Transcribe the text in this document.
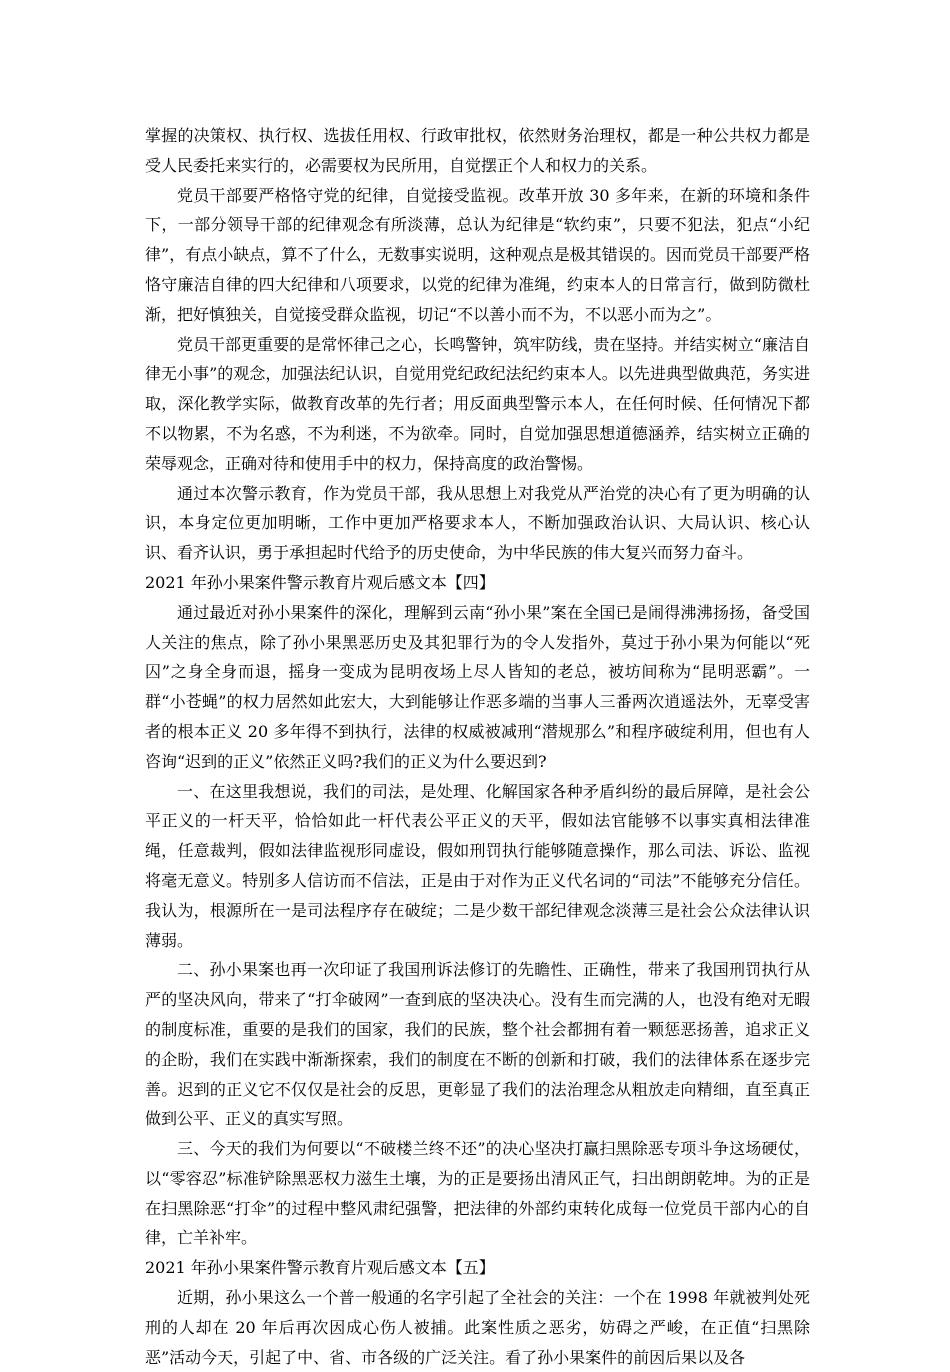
掌握的决策权、执行权、选拔任用权、行政审批权，依然财务治理权，都是一种公共权力都是受人民委托来实行的，必需要权为民所用，自觉摆正个人和权力的关系。

党员干部要严格恪守党的纪律，自觉接受监视。改革开放 30 多年来，在新的环境和条件下，一部分领导干部的纪律观念有所淡薄，总认为纪律是“软约束”，只要不犯法，犯点“小纪律”，有点小缺点，算不了什么，无数事实说明，这种观点是极其错误的。因而党员干部要严格恪守廉洁自律的四大纪律和八项要求，以党的纪律为准绳，约束本人的日常言行，做到防微杜渐，把好慎独关，自觉接受群众监视，切记“不以善小而不为，不以恶小而为之”。

党员干部更重要的是常怀律己之心，长鸣警钟，筑牢防线，贵在坚持。并结实树立“廉洁自律无小事”的观念，加强法纪认识，自觉用党纪政纪法纪约束本人。以先进典型做典范，务实进取，深化教学实际，做教育改革的先行者；用反面典型警示本人，在任何时候、任何情况下都不以物累，不为名惑，不为利迷，不为欲牵。同时，自觉加强思想道德涵养，结实树立正确的荣辱观念，正确对待和使用手中的权力，保持高度的政治警惕。

通过本次警示教育，作为党员干部，我从思想上对我党从严治党的决心有了更为明确的认识，本身定位更加明晰，工作中更加严格要求本人，不断加强政治认识、大局认识、核心认识、看齐认识，勇于承担起时代给予的历史使命，为中华民族的伟大复兴而努力奋斗。

2021 年孙小果案件警示教育片观后感文本【四】

通过最近对孙小果案件的深化，理解到云南“孙小果”案在全国已是闹得沸沸扬扬，备受国人关注的焦点，除了孙小果黑恶历史及其犯罪行为的令人发指外，莫过于孙小果为何能以“死囚”之身全身而退，摇身一变成为昆明夜场上尽人皆知的老总，被坊间称为“昆明恶霸”。一群“小苍蝇”的权力居然如此宏大，大到能够让作恶多端的当事人三番两次逍遥法外，无辜受害者的根本正义 20 多年得不到执行，法律的权威被减刑“潜规那么”和程序破绽利用，但也有人咨询“迟到的正义”依然正义吗?我们的正义为什么要迟到?

一、在这里我想说，我们的司法，是处理、化解国家各种矛盾纠纷的最后屏障，是社会公平正义的一杆天平，恰恰如此一杆代表公平正义的天平，假如法官能够不以事实真相法律准绳，任意裁判，假如法律监视形同虚设，假如刑罚执行能够随意操作，那么司法、诉讼、监视将毫无意义。特别多人信访而不信法，正是由于对作为正义代名词的“司法”不能够充分信任。我认为，根源所在一是司法程序存在破绽；二是少数干部纪律观念淡薄三是社会公众法律认识薄弱。

二、孙小果案也再一次印证了我国刑诉法修订的先瞻性、正确性，带来了我国刑罚执行从严的坚决风向，带来了“打伞破网”一查到底的坚决决心。没有生而完满的人，也没有绝对无暇的制度标准，重要的是我们的国家，我们的民族，整个社会都拥有着一颗惩恶扬善，追求正义的企盼，我们在实践中渐渐探索，我们的制度在不断的创新和打破，我们的法律体系在逐步完善。迟到的正义它不仅仅是社会的反思，更彰显了我们的法治理念从粗放走向精细，直至真正做到公平、正义的真实写照。

三、今天的我们为何要以“不破楼兰终不还”的决心坚决打赢扫黑除恶专项斗争这场硬仗，以“零容忍”标准铲除黑恶权力滋生土壤，为的正是要扬出清风正气，扫出朗朗乾坤。为的正是在扫黑除恶“打伞”的过程中整风肃纪强警，把法律的外部约束转化成每一位党员干部内心的自律，亡羊补牢。

2021 年孙小果案件警示教育片观后感文本【五】

近期，孙小果这么一个普一般通的名字引起了全社会的关注：一个在 1998 年就被判处死刑的人却在 20 年后再次因成心伤人被捕。此案性质之恶劣，妨碍之严峻，在正值“扫黑除恶”活动今天，引起了中、省、市各级的广泛关注。看了孙小果案件的前因后果以及各
